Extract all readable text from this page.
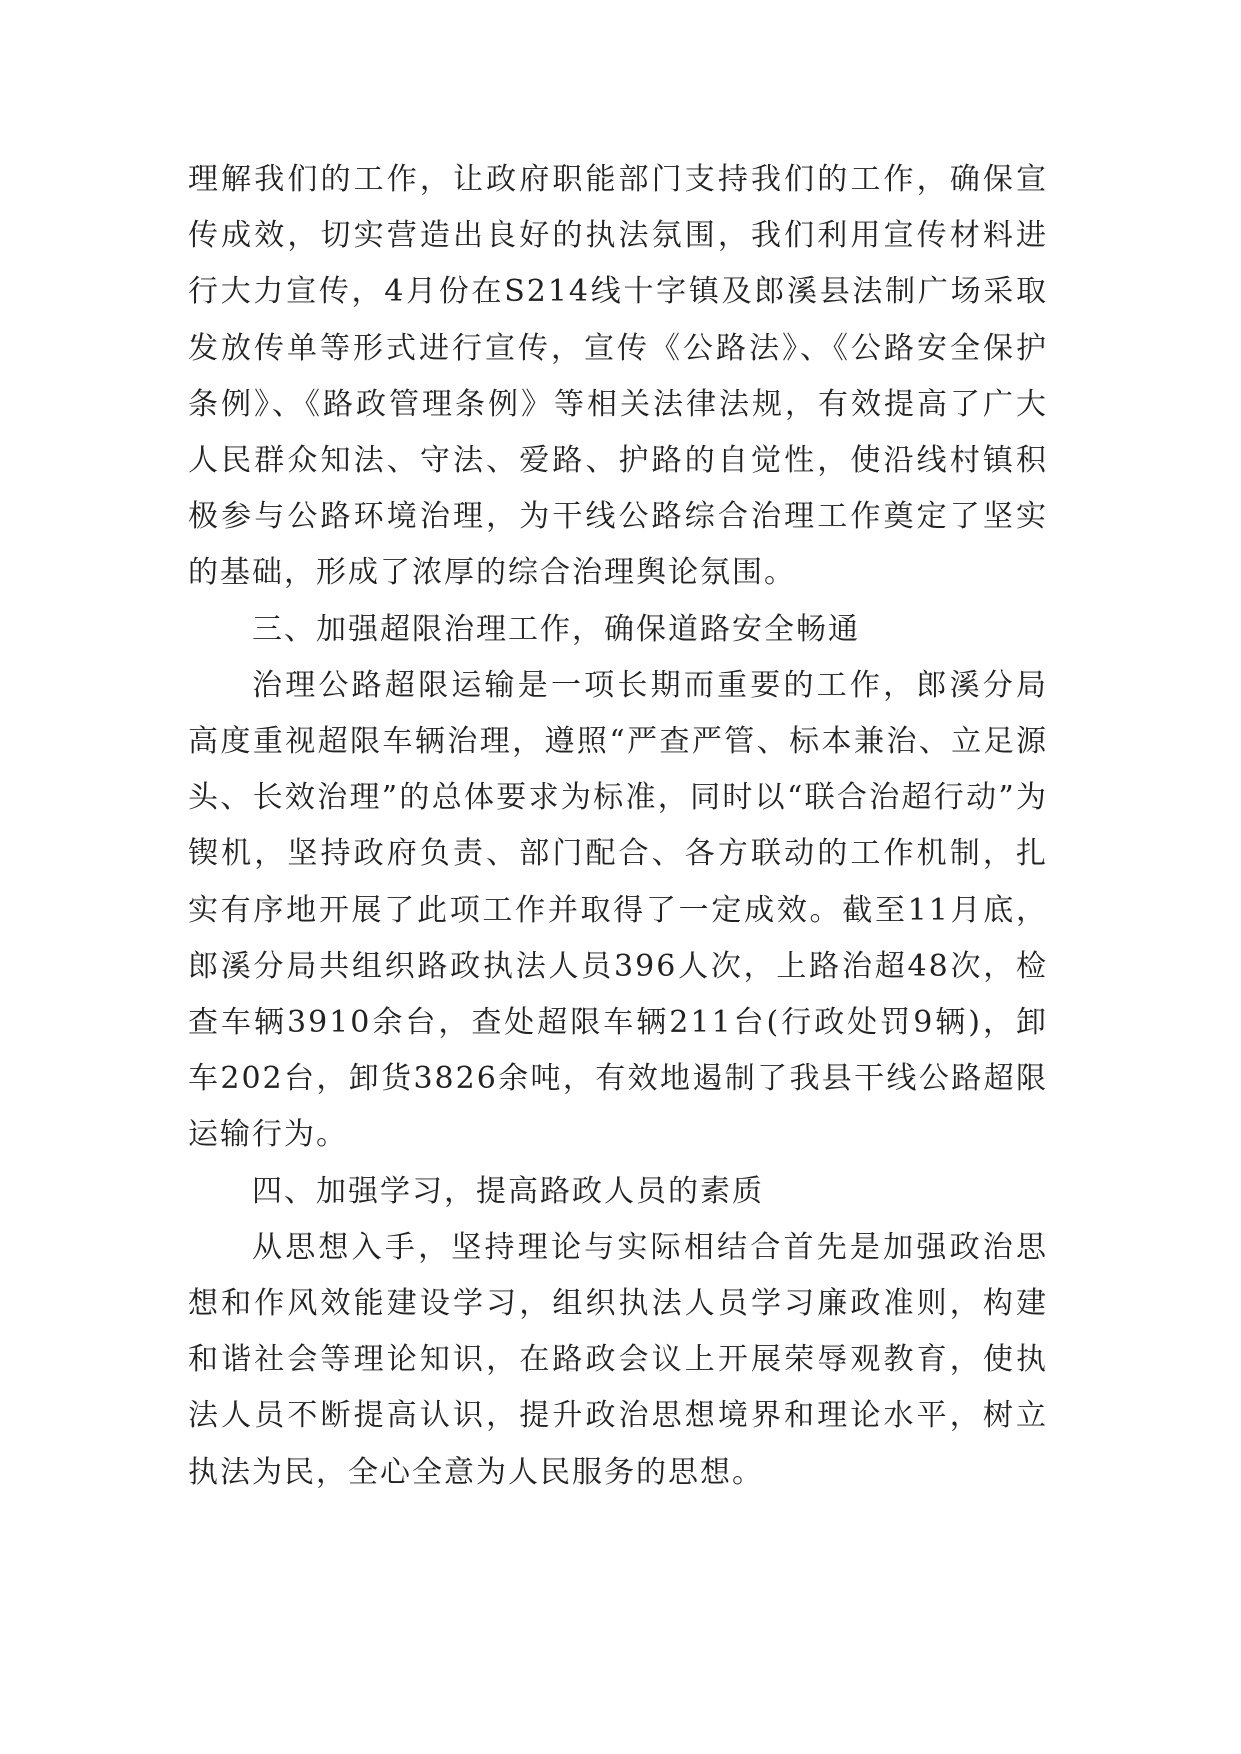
理解我们的工作，让政府职能部门支持我们的工作，确保宣传成效，切实营造出良好的执法氛围，我们利用宣传材料进行大力宣传，4月份在S214线十字镇及郎溪县法制广场采取发放传单等形式进行宣传，宣传《公路法》、《公路安全保护条例》、《路政管理条例》等相关法律法规，有效提高了广大人民群众知法、守法、爱路、护路的自觉性，使沿线村镇积极参与公路环境治理，为干线公路综合治理工作奠定了坚实的基础，形成了浓厚的综合治理舆论氛围。

三、加强超限治理工作，确保道路安全畅通

治理公路超限运输是一项长期而重要的工作，郎溪分局高度重视超限车辆治理，遵照“严查严管、标本兼治、立足源头、长效治理”的总体要求为标准，同时以“联合治超行动”为锲机，坚持政府负责、部门配合、各方联动的工作机制，扎实有序地开展了此项工作并取得了一定成效。截至11月底，郎溪分局共组织路政执法人员396人次，上路治超48次，检查车辆3910余台，查处超限车辆211台(行政处罚9辆)，卸车202台，卸货3826余吨，有效地遏制了我县干线公路超限运输行为。

四、加强学习，提高路政人员的素质

从思想入手，坚持理论与实际相结合首先是加强政治思想和作风效能建设学习，组织执法人员学习廉政准则，构建和谐社会等理论知识，在路政会议上开展荣辱观教育，使执法人员不断提高认识，提升政治思想境界和理论水平，树立执法为民，全心全意为人民服务的思想。
